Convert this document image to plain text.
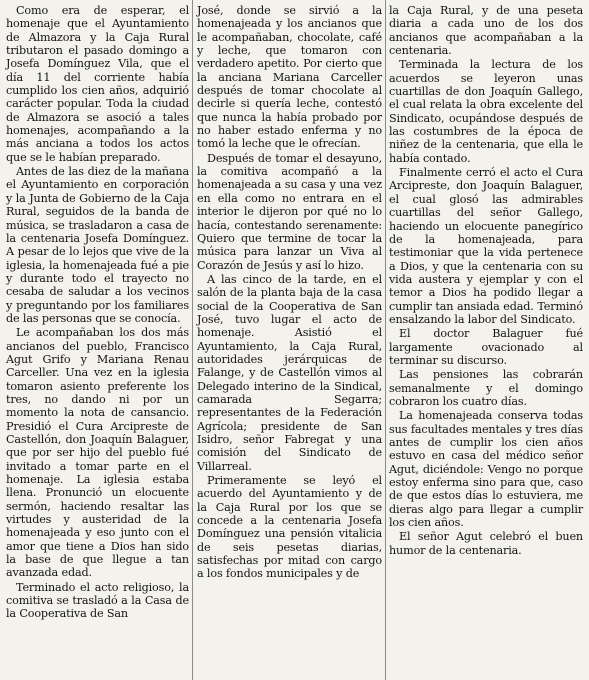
Como era de esperar, el homenaje que el Ayuntamiento de Almazora y la Caja Rural tributaron el pasado domingo a Josefa Domínguez Vila, que el día 11 del corriente había cumplido los cien años, adquirió carácter popular. Toda la ciudad de Almazora se asoció a tales homenajes, acompañando a la más anciana a todos los actos que se le habían preparado.

Antes de las diez de la mañana el Ayuntamiento en corporación y la Junta de Gobierno de la Caja Rural, seguidos de la banda de música, se trasladaron a casa de la centenaria Josefa Domínguez. A pesar de lo lejos que vive de la iglesia, la homenajeada fué a pie y durante todo el trayecto no cesaba de saludar a los vecinos y preguntando por los familiares de las personas que se conocía.

Le acompañaban los dos más ancianos del pueblo, Francisco Agut Grifo y Mariana Renau Carceller. Una vez en la iglesia tomaron asiento preferente los tres, no dando ni por un momento la nota de cansancio. Presidió el Cura Arcipreste de Castellón, don Joaquín Balaguer, que por ser hijo del pueblo fué invitado a tomar parte en el homenaje. La iglesia estaba llena. Pronunció un elocuente sermón, haciendo resaltar las virtudes y austeridad de la homenajeada y eso junto con el amor que tiene a Dios han sido la base de que llegue a tan avanzada edad.

Terminado el acto religioso, la comitiva se trasladó a la Casa de la Cooperativa de San

José, donde se sirvió a la homenajeada y los ancianos que le acompañaban, chocolate, café y leche, que tomaron con verdadero apetito. Por cierto que la anciana Mariana Carceller después de tomar chocolate al decirle si quería leche, contestó que nunca la había probado por no haber estado enferma y no tomó la leche que le ofrecían.

Después de tomar el desayuno, la comitiva acompañó a la homenajeada a su casa y una vez en ella como no entrara en el interior le dijeron por qué no lo hacía, contestando serenamente: Quiero que termine de tocar la música para lanzar un Viva al Corazón de Jesús y así lo hizo.

A las cinco de la tarde, en el salón de la planta baja de la casa social de la Cooperativa de San José, tuvo lugar el acto de homenaje. Asistió el Ayuntamiento, la Caja Rural, autoridades jerárquicas de Falange, y de Castellón vimos al Delegado interino de la Sindical, camarada Segarra; representantes de la Federación Agrícola; presidente de San Isidro, señor Fabregat y una comisión del Sindicato de Villarreal.

Primeramente se leyó el acuerdo del Ayuntamiento y de la Caja Rural por los que se concede a la centenaria Josefa Domínguez una pensión vitalicia de seis pesetas diarias, satisfechas por mitad con cargo a los fondos municipales y de

la Caja Rural, y de una peseta diaria a cada uno de los dos ancianos que acompañaban a la centenaria.

Terminada la lectura de los acuerdos se leyeron unas cuartillas de don Joaquín Gallego, el cual relata la obra excelente del Sindicato, ocupándose después de las costumbres de la época de niñez de la centenaria, que ella le había contado.

Finalmente cerró el acto el Cura Arcipreste, don Joaquín Balaguer, el cual glosó las admirables cuartillas del señor Gallego, haciendo un elocuente panegírico de la homenajeada, para testimoniar que la vida pertenece a Dios, y que la centenaria con su vida austera y ejemplar y con el temor a Dios ha podido llegar a cumplir tan ansiada edad. Terminó ensalzando la labor del Sindicato.

El doctor Balaguer fué largamente ovacionado al terminar su discurso.

Las pensiones las cobrarán semanalmente y el domingo cobraron los cuatro días.

La homenajeada conserva todas sus facultades mentales y tres días antes de cumplir los cien años estuvo en casa del médico señor Agut, diciéndole: Vengo no porque estoy enferma sino para que, caso de que estos días lo estuviera, me dieras algo para llegar a cumplir los cien años.

El señor Agut celebró el buen humor de la centenaria.
